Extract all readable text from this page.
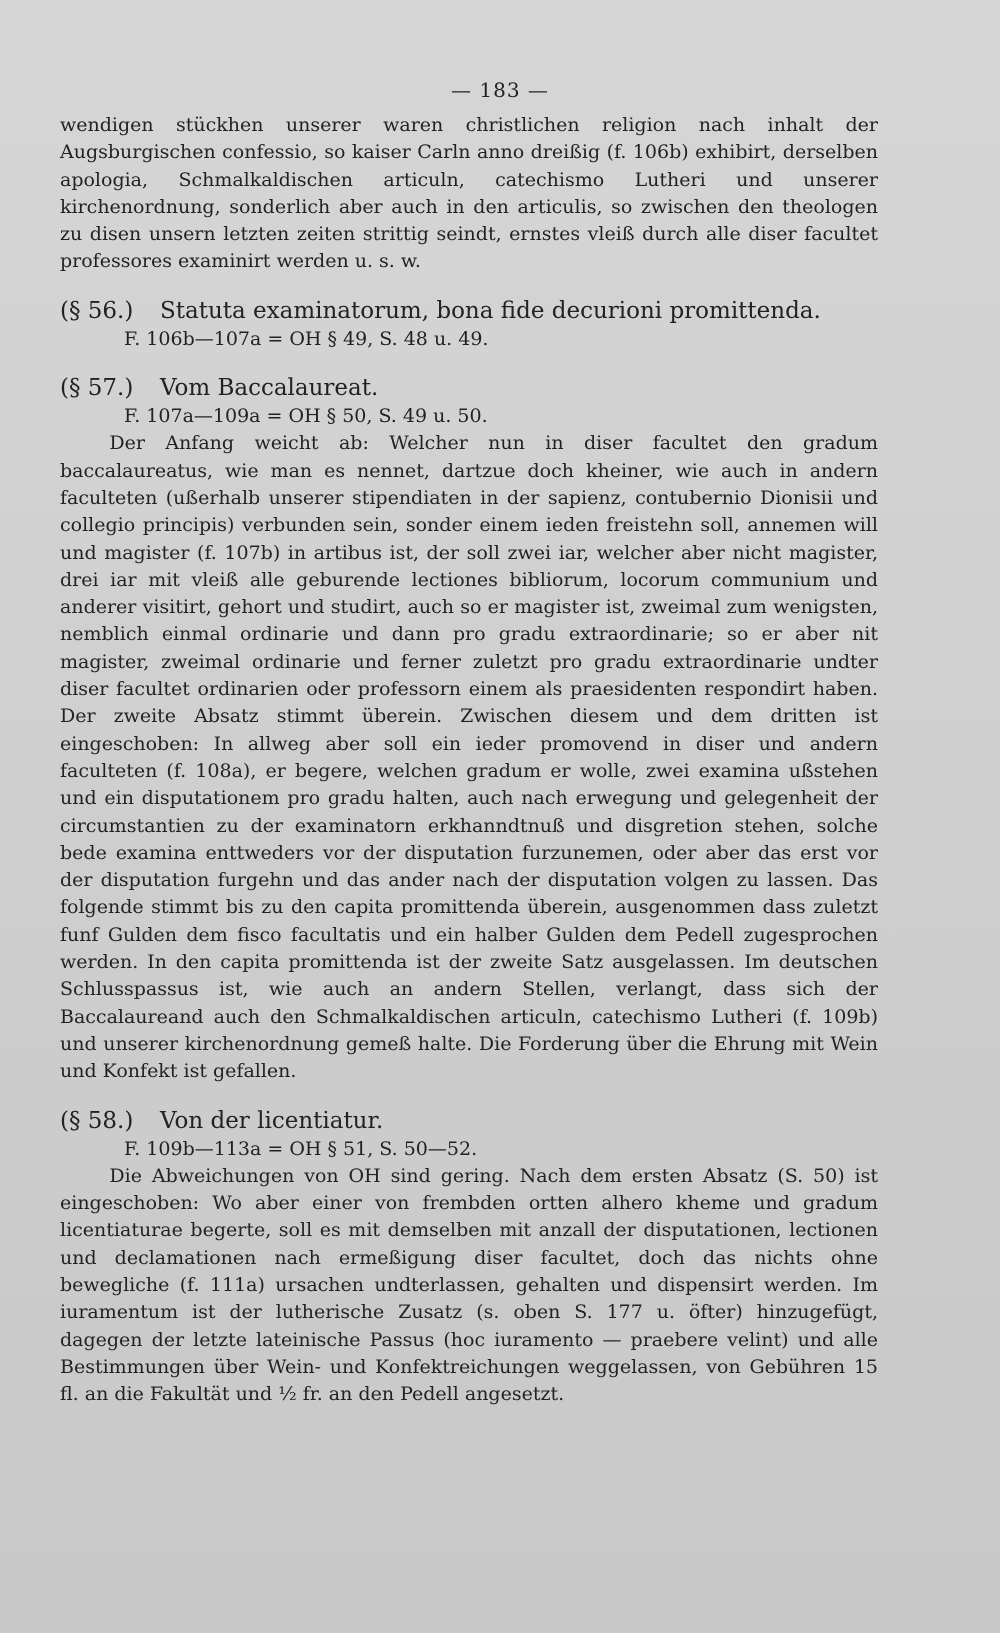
— 183 —

wendigen stückhen unserer waren christlichen religion nach inhalt der Augsburgischen confessio, so kaiser Carln anno dreißig (f. 106b) exhibirt, derselben apologia, Schmalkaldischen articuln, catechismo Lutheri und unserer kirchenordnung, sonderlich aber auch in den articulis, so zwischen den theologen zu disen unsern letzten zeiten strittig seindt, ernstes vleiß durch alle diser facultet professores examinirt werden u. s. w.

(§ 56.) Statuta examinatorum, bona fide decurioni promittenda.

F. 106b—107a = OH § 49, S. 48 u. 49.

(§ 57.) Vom Baccalaureat.

F. 107a—109a = OH § 50, S. 49 u. 50.

Der Anfang weicht ab: Welcher nun in diser facultet den gradum baccalaureatus, wie man es nennet, dartzue doch kheiner, wie auch in andern faculteten (ußerhalb unserer stipendiaten in der sapienz, contubernio Dionisii und collegio principis) verbunden sein, sonder einem ieden freistehn soll, annemen will und magister (f. 107b) in artibus ist, der soll zwei iar, welcher aber nicht magister, drei iar mit vleiß alle geburende lectiones bibliorum, locorum communium und anderer visitirt, gehort und studirt, auch so er magister ist, zweimal zum wenigsten, nemblich einmal ordinarie und dann pro gradu extraordinarie; so er aber nit magister, zweimal ordinarie und ferner zuletzt pro gradu extraordinarie undter diser facultet ordinarien oder professorn einem als praesidenten respondirt haben. Der zweite Absatz stimmt überein. Zwischen diesem und dem dritten ist eingeschoben: In allweg aber soll ein ieder promovend in diser und andern faculteten (f. 108a), er begere, welchen gradum er wolle, zwei examina ußstehen und ein disputationem pro gradu halten, auch nach erwegung und gelegenheit der circumstantien zu der examinatorn erkhanndtnuß und disgretion stehen, solche bede examina enttweders vor der disputation furzunemen, oder aber das erst vor der disputation furgehn und das ander nach der disputation volgen zu lassen. Das folgende stimmt bis zu den capita promittenda überein, ausgenommen dass zuletzt funf Gulden dem fisco facultatis und ein halber Gulden dem Pedell zugesprochen werden. In den capita promittenda ist der zweite Satz ausgelassen. Im deutschen Schlusspassus ist, wie auch an andern Stellen, verlangt, dass sich der Baccalaureand auch den Schmalkaldischen articuln, catechismo Lutheri (f. 109b) und unserer kirchenordnung gemeß halte. Die Forderung über die Ehrung mit Wein und Konfekt ist gefallen.

(§ 58.) Von der licentiatur.

F. 109b—113a = OH § 51, S. 50—52.

Die Abweichungen von OH sind gering. Nach dem ersten Absatz (S. 50) ist eingeschoben: Wo aber einer von frembden ortten alhero kheme und gradum licentiaturae begerte, soll es mit demselben mit anzall der disputationen, lectionen und declamationen nach ermeßigung diser facultet, doch das nichts ohne bewegliche (f. 111a) ursachen undterlassen, gehalten und dispensirt werden. Im iuramentum ist der lutherische Zusatz (s. oben S. 177 u. öfter) hinzugefügt, dagegen der letzte lateinische Passus (hoc iuramento — praebere velint) und alle Bestimmungen über Wein- und Konfektreichungen weggelassen, von Gebühren 15 fl. an die Fakultät und ½ fr. an den Pedell angesetzt.
